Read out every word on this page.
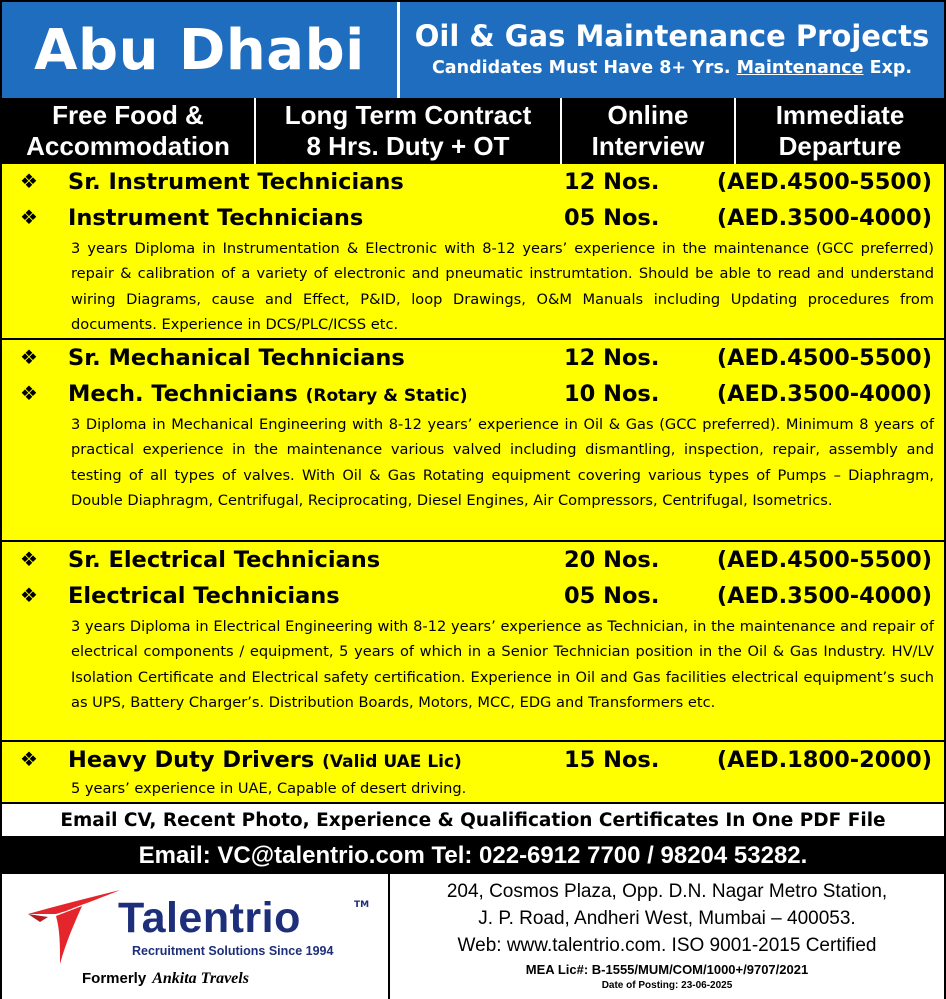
Abu Dhabi Oil & Gas Maintenance Projects
Candidates Must Have 8+ Yrs. Maintenance Exp.
Free Food &
Accommodation
Long Term Contract
8 Hrs. Duty + OT
Online
Interview
Immediate
Departure
❖ Sr. Instrument Technicians	12 Nos.	(AED.4500-5500)
❖ Instrument Technicians	05 Nos.	(AED.3500-4000)
3 years Diploma in Instrumentation & Electronic with 8-12 years’ experience in the maintenance (GCC preferred) repair & calibration of a variety of electronic and pneumatic instrumtation. Should be able to read and understand wiring Diagrams, cause and Effect, P&ID, loop Drawings, O&M Manuals including Updating procedures from documents. Experience in DCS/PLC/ICSS etc.
❖ Sr. Mechanical Technicians	12 Nos.	(AED.4500-5500)
❖ Mech. Technicians (Rotary & Static)	10 Nos.	(AED.3500-4000)
3 Diploma in Mechanical Engineering with 8-12 years’ experience in Oil & Gas (GCC preferred). Minimum 8 years of practical experience in the maintenance various valved including dismantling, inspection, repair, assembly and testing of all types of valves. With Oil & Gas Rotating equipment covering various types of Pumps – Diaphragm, Double Diaphragm, Centrifugal, Reciprocating, Diesel Engines, Air Compressors, Centrifugal, Isometrics.
❖ Sr. Electrical Technicians	20 Nos.	(AED.4500-5500)
❖ Electrical Technicians	05 Nos.	(AED.3500-4000)
3 years Diploma in Electrical Engineering with 8-12 years’ experience as Technician, in the maintenance and repair of electrical components / equipment, 5 years of which in a Senior Technician position in the Oil & Gas Industry. HV/LV Isolation Certificate and Electrical safety certification. Experience in Oil and Gas facilities electrical equipment’s such as UPS, Battery Charger’s. Distribution Boards, Motors, MCC, EDG and Transformers etc.
❖ Heavy Duty Drivers (Valid UAE Lic)	15 Nos.	(AED.1800-2000)
5 years’ experience in UAE, Capable of desert driving.
Email CV, Recent Photo, Experience & Qualification Certificates In One PDF File
Email: VC@talentrio.com Tel: 022-6912 7700 / 98204 53282.
Talentrio	TM
Recruitment Solutions Since 1994
Formerly Ankita Travels
204, Cosmos Plaza, Opp. D.N. Nagar Metro Station,
J. P. Road, Andheri West, Mumbai – 400053.
Web: www.talentrio.com. ISO 9001-2015 Certified
MEA Lic#: B-1555/MUM/COM/1000+/9707/2021
Date of Posting: 23-06-2025
